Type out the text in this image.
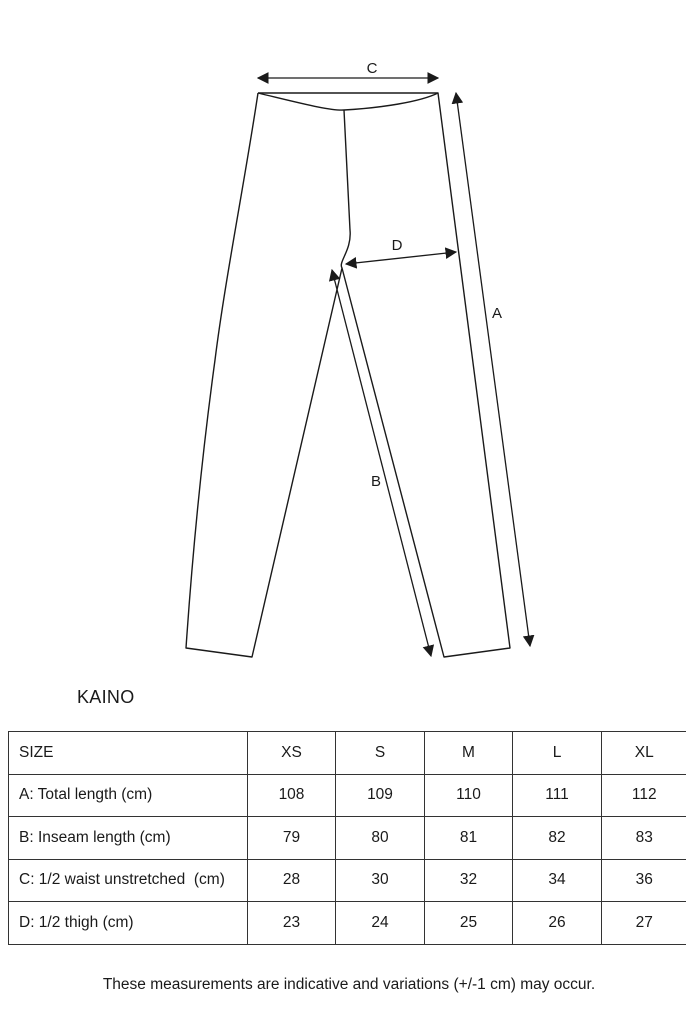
C
D
A
B
KAINO
SIZE	XS	S	M	L	XL
A: Total length (cm)	108	109	110	111	112
B: Inseam length (cm)	79	80	81	82	83
C: 1/2 waist unstretched  (cm)	28	30	32	34	36
D: 1/2 thigh (cm)	23	24	25	26	27
These measurements are indicative and variations (+/-1 cm) may occur.
